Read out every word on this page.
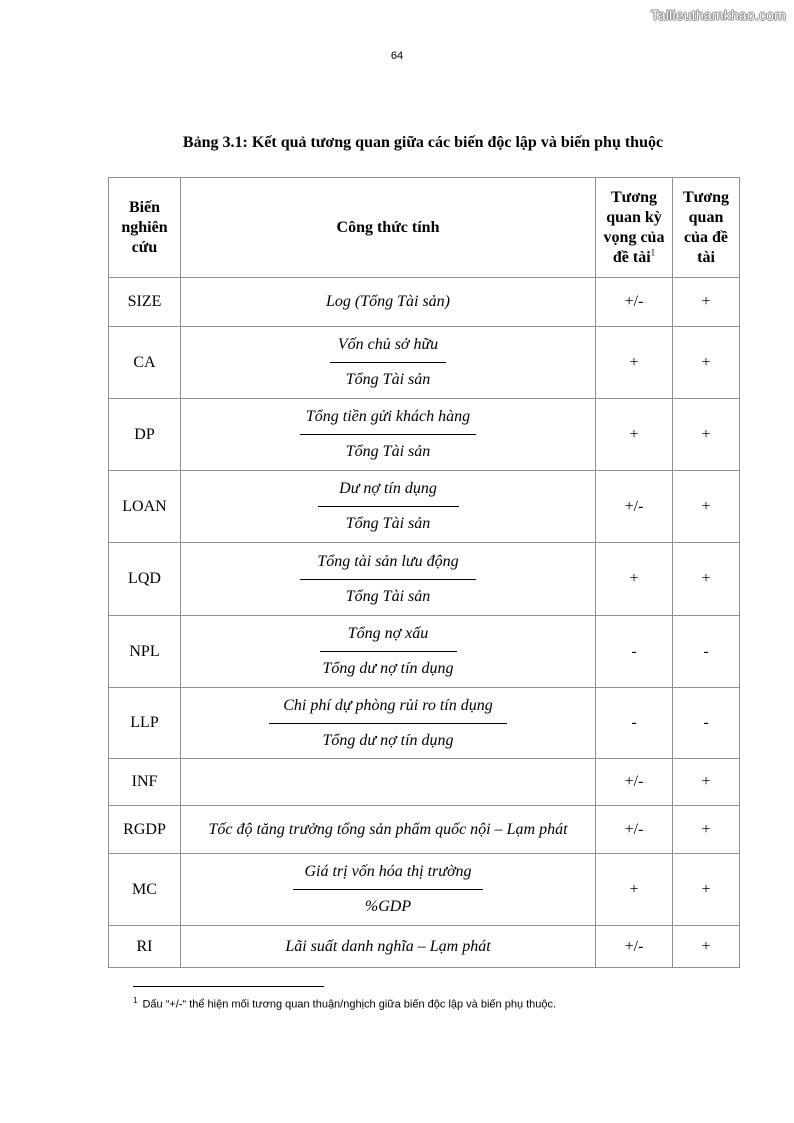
Tailieuthamkhao.com
64
Bảng 3.1: Kết quả tương quan giữa các biến độc lập và biến phụ thuộc
Biến nghiên cứu	Công thức tính	Tương quan kỳ vọng của đề tài$^1$	Tương quan của đề tài
SIZE	Log (Tổng Tài sản)	+/-	+
CA	$\frac{\text{Vốn chủ sở hữu}}{\text{Tổng Tài sản}}$	+	+
DP	$\frac{\text{Tổng tiền gửi khách hàng}}{\text{Tổng Tài sản}}$	+	+
LOAN	$\frac{\text{Dư nợ tín dụng}}{\text{Tổng Tài sản}}$	+/-	+
LQD	$\frac{\text{Tổng tài sản lưu động}}{\text{Tổng Tài sản}}$	+	+
NPL	$\frac{\text{Tổng nợ xấu}}{\text{Tổng dư nợ tín dụng}}$	-	-
LLP	$\frac{\text{Chi phí dự phòng rủi ro tín dụng}}{\text{Tổng dư nợ tín dụng}}$	-	-
INF		+/-	+
RGDP	Tốc độ tăng trưởng tổng sản phẩm quốc nội – Lạm phát	+/-	+
MC	$\frac{\text{Giá trị vốn hóa thị trường}}{\text{\%GDP}}$	+	+
RI	Lãi suất danh nghĩa – Lạm phát	+/-	+
$^1$ Dấu “+/-“ thể hiện mối tương quan thuận/nghịch giữa biến độc lập và biến phụ thuộc.
